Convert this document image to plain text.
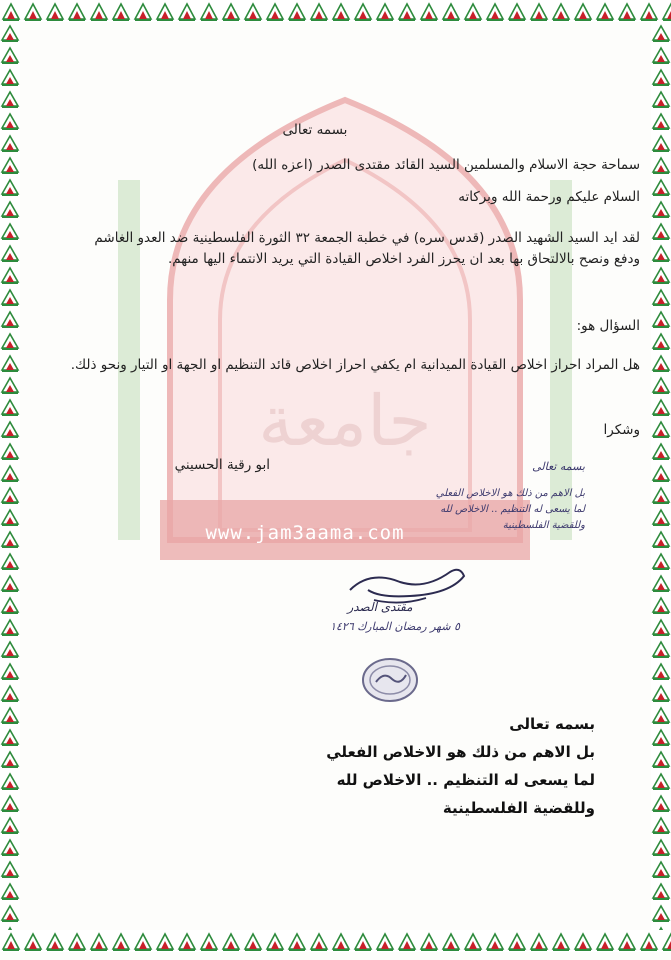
جامعة
www.jam3aama.com
بسمه تعالى
سماحة حجة الاسلام والمسلمين السيد القائد مقتدى الصدر (اعزه الله)
السلام عليكم ورحمة الله وبركاته
لقد ايد السيد الشهيد الصدر (قدس سره) في خطبة الجمعة ٣٢ الثورة الفلسطينية ضد العدو الغاشم ودفع ونصح بالالتحاق بها بعد ان يحرز الفرد اخلاص القيادة التي يريد الانتماء اليها منهم.
السؤال هو:
هل المراد احراز اخلاص القيادة الميدانية ام يكفي احراز اخلاص قائد التنظيم او الجهة او التيار ونحو ذلك.
وشكرا
ابو رقية الحسيني	بسمه تعالى
بل الاهم من ذلك هو الاخلاص الفعلي
لما يسعى له التنظيم .. الاخلاص لله
وللقضية الفلسطينية
مقتدى الصدر
٥ شهر رمضان المبارك ١٤٢٦
بسمه تعالى
بل الاهم من ذلك هو الاخلاص الفعلي
لما يسعى له التنظيم .. الاخلاص لله
وللقضية الفلسطينية
